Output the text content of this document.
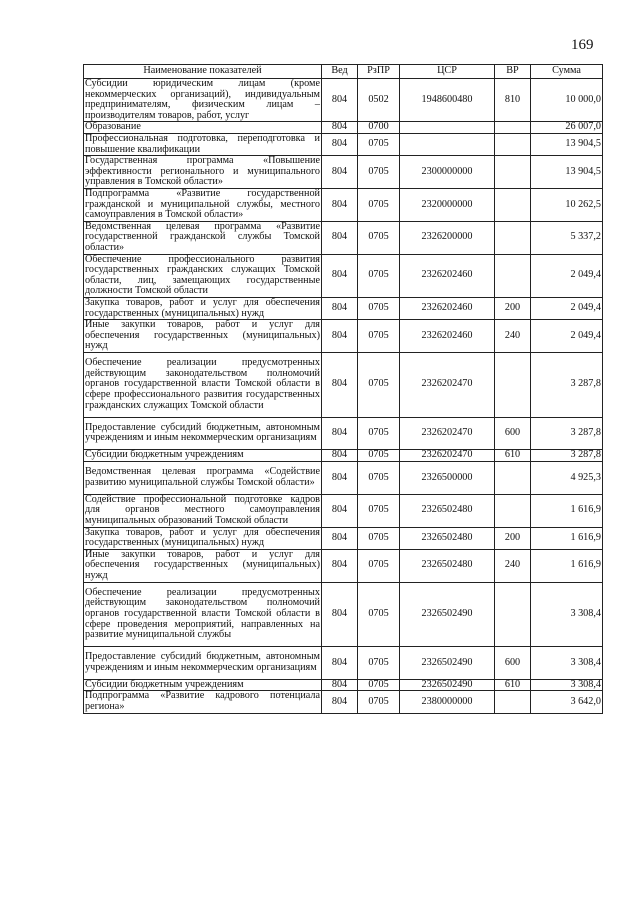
169
Наименование показателей	Вед	РзПР	ЦСР	ВР	Сумма
Субсидии юридическим лицам (кроме некоммерческих организаций), индивидуальным предпринимателям, физическим лицам – производителям товаров, работ, услуг	804	0502	1948600480	810	10 000,0
Образование	804	0700			26 007,0
Профессиональная подготовка, переподготовка и повышение квалификации	804	0705			13 904,5
Государственная программа «Повышение эффективности регионального и муниципального управления в Томской области»	804	0705	2300000000		13 904,5
Подпрограмма «Развитие государственной гражданской и муниципальной службы, местного самоуправления в Томской области»	804	0705	2320000000		10 262,5
Ведомственная целевая программа «Развитие государственной гражданской службы Томской области»	804	0705	2326200000		5 337,2
Обеспечение профессионального развития государственных гражданских служащих Томской области, лиц, замещающих государственные должности Томской области	804	0705	2326202460		2 049,4
Закупка товаров, работ и услуг для обеспечения государственных (муниципальных) нужд	804	0705	2326202460	200	2 049,4
Иные закупки товаров, работ и услуг для обеспечения государственных (муниципальных) нужд	804	0705	2326202460	240	2 049,4
Обеспечение реализации предусмотренных действующим законодательством полномочий органов государственной власти Томской области в сфере профессионального развития государственных гражданских служащих Томской области	804	0705	2326202470		3 287,8
Предоставление субсидий бюджетным, автономным учреждениям и иным некоммерческим организациям	804	0705	2326202470	600	3 287,8
Субсидии бюджетным учреждениям	804	0705	2326202470	610	3 287,8
Ведомственная целевая программа «Содействие развитию муниципальной службы Томской области»	804	0705	2326500000		4 925,3
Содействие профессиональной подготовке кадров для органов местного самоуправления муниципальных образований Томской области	804	0705	2326502480		1 616,9
Закупка товаров, работ и услуг для обеспечения государственных (муниципальных) нужд	804	0705	2326502480	200	1 616,9
Иные закупки товаров, работ и услуг для обеспечения государственных (муниципальных) нужд	804	0705	2326502480	240	1 616,9
Обеспечение реализации предусмотренных действующим законодательством полномочий органов государственной власти Томской области в сфере проведения мероприятий, направленных на развитие муниципальной службы	804	0705	2326502490		3 308,4
Предоставление субсидий бюджетным, автономным учреждениям и иным некоммерческим организациям	804	0705	2326502490	600	3 308,4
Субсидии бюджетным учреждениям	804	0705	2326502490	610	3 308,4
Подпрограмма «Развитие кадрового потенциала региона»	804	0705	2380000000		3 642,0
